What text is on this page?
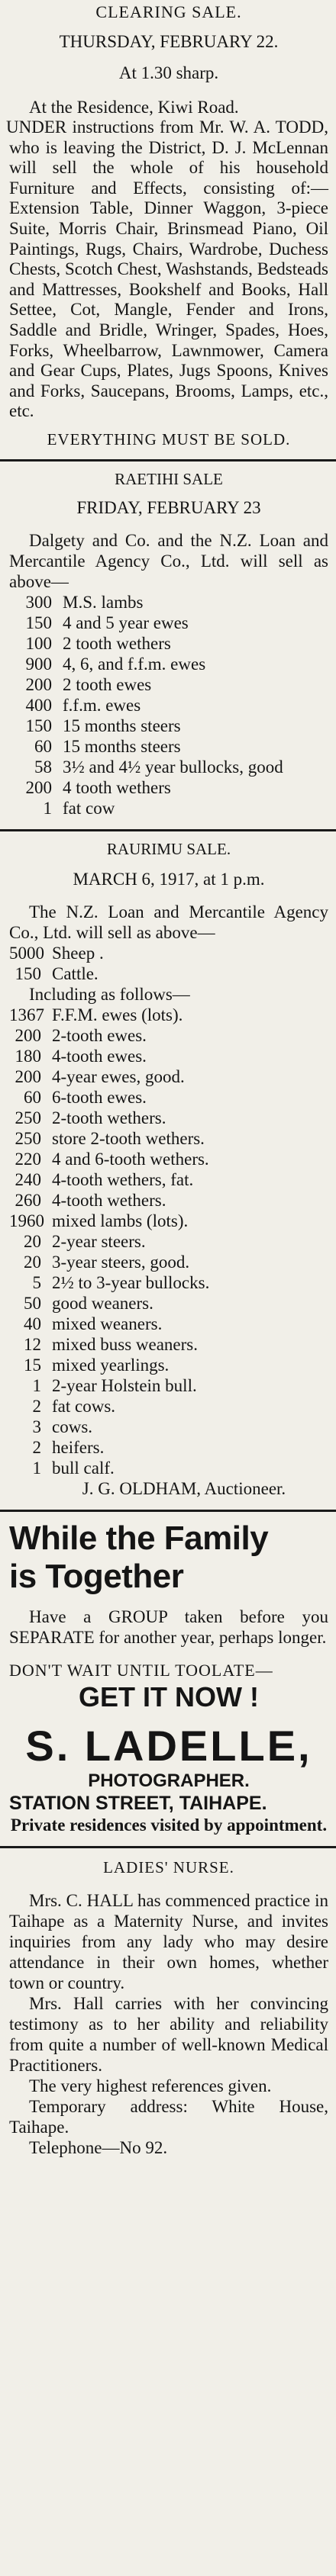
CLEARING SALE.
THURSDAY, FEBRUARY 22.
At 1.30 sharp.
At the Residence, Kiwi Road.
UNDER instructions from Mr. W. A. TODD, who is leaving the District, D. J. McLennan will sell the whole of his household Furniture and Effects, consisting of:— Extension Table, Dinner Waggon, 3-piece Suite, Morris Chair, Brinsmead Piano, Oil Paintings, Rugs, Chairs, Wardrobe, Duchess Chests, Scotch Chest, Washstands, Bedsteads and Mattresses, Bookshelf and Books, Hall Settee, Cot, Mangle, Fender and Irons, Saddle and Bridle, Wringer, Spades, Hoes, Forks, Wheelbarrow, Lawnmower, Camera and Gear Cups, Plates, Jugs Spoons, Knives and Forks, Saucepans, Brooms, Lamps, etc., etc.
EVERYTHING MUST BE SOLD.
RAETIHI SALE
FRIDAY, FEBRUARY 23
Dalgety and Co. and the N.Z. Loan and Mercantile Agency Co., Ltd. will sell as above—
300 M.S. lambs
150 4 and 5 year ewes
100 2 tooth wethers
900 4, 6, and f.f.m. ewes
200 2 tooth ewes
400 f.f.m. ewes
150 15 months steers
60 15 months steers
58 3½ and 4½ year bullocks, good
200 4 tooth wethers
1 fat cow
RAURIMU SALE.
MARCH 6, 1917, at 1 p.m.
The N.Z. Loan and Mercantile Agency Co., Ltd. will sell as above—
5000 Sheep .
150 Cattle.
Including as follows—
1367 F.F.M. ewes (lots).
200 2-tooth ewes.
180 4-tooth ewes.
200 4-year ewes, good.
60 6-tooth ewes.
250 2-tooth wethers.
250 store 2-tooth wethers.
220 4 and 6-tooth wethers.
240 4-tooth wethers, fat.
260 4-tooth wethers.
1960 mixed lambs (lots).
20 2-year steers.
20 3-year steers, good.
5 2½ to 3-year bullocks.
50 good weaners.
40 mixed weaners.
12 mixed buss weaners.
15 mixed yearlings.
1 2-year Holstein bull.
2 fat cows.
3 cows.
2 heifers.
1 bull calf.
J. G. OLDHAM, Auctioneer.
While the Family
is Together
Have a GROUP taken before you SEPARATE for another year, perhaps longer.
DON'T WAIT UNTIL TOOLATE—
GET IT NOW !
S. LADELLE,
PHOTOGRAPHER.
STATION STREET, TAIHAPE.
Private residences visited by appointment.
LADIES' NURSE.
Mrs. C. HALL has commenced practice in Taihape as a Maternity Nurse, and invites inquiries from any lady who may desire attendance in their own homes, whether town or country.
Mrs. Hall carries with her convincing testimony as to her ability and reliability from quite a number of well-known Medical Practitioners.
The very highest references given.
Temporary address: White House, Taihape.
Telephone—No 92.
